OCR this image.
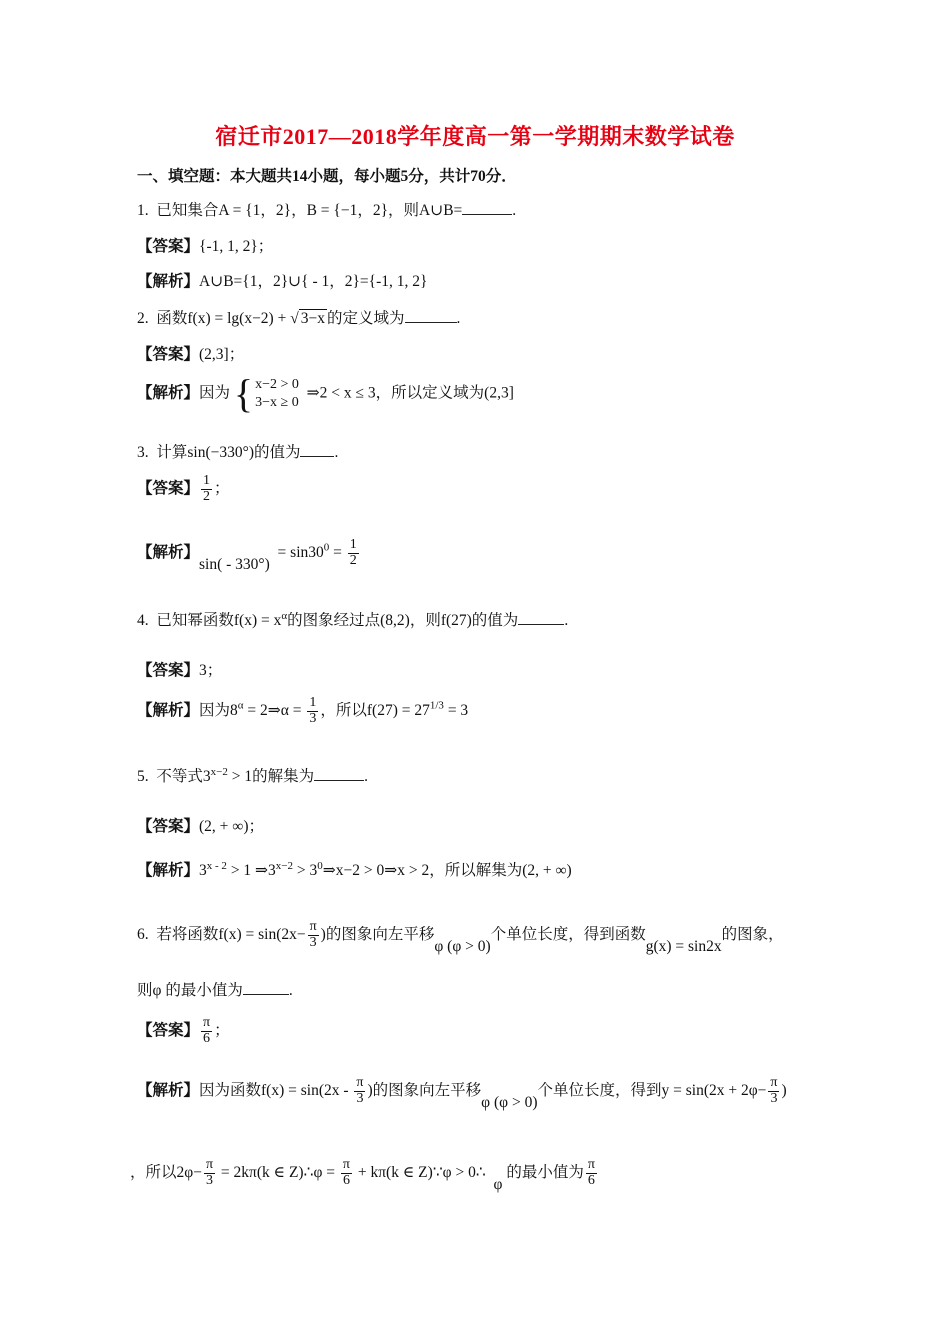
宿迁市2017—2018学年度高一第一学期期末数学试卷
一、填空题：本大题共14小题，每小题5分，共计70分．
1. 已知集合A = {1，2}，B = {−1，2}，则A∪B=	.
【答案】{-1, 1, 2}；
【解析】A∪B={1，2}∪{ - 1，2}={-1, 1, 2}
2. 函数f(x) = lg(x−2) + √ 3−x 的定义域为	.
【答案】(2,3]；
【解析】因为 { x−2 > 0
3−x ≥ 0
⇒2 < x ≤ 3，所以定义域为(2,3]
3. 计算sin(−330°)的值为 .
【答案】 $\frac{1}{2}$ ；
【解析】$\sin( - 330^\circ) = \sin 30^0 = \frac{1}{2}$
4. 已知幂函数$f(x) = x^\alpha$的图象经过点(8,2)，则f(27)的值为	.
【答案】3；
【解析】因为$8^\alpha$ = 2⇒α = $\frac{1}{3}$ ，所以$f(27) = 27^{1/3} = 3$
5. 不等式$3^{x-2} > 1$的解集为	.
【答案】(2, + ∞)；
【解析】$3^{x - 2} > 1$ $\Rightarrow 3^{x-2}$ > $3^0\Rightarrow x-2$ > 0⇒x > 2，所以解集为(2, + ∞)
6. 若将函数$f(x) = \sin(2x- \frac{\pi}{3}$ )的图象向左平移φ (φ > 0)个单位长度，得到函数g(x) = sin2x的图象，
则φ 的最小值为	.
【答案】 $\frac{\pi}{6}$ ；
【解析】因为函数$f(x) = \sin(2x - \frac{\pi}{3}$ )的图象向左平移φ (φ > 0)个单位长度，得到$y = \sin(2x + 2\varphi- \frac{\pi}{3}$ )
，所以$2\varphi- \frac{\pi}{3} = 2k\pi(k$ ∈ Z)∴φ = $\frac{\pi}{6} + k\pi(k$ ∈ Z)∵φ > 0∴  φ 的最小值为 $\frac{\pi}{6}$
